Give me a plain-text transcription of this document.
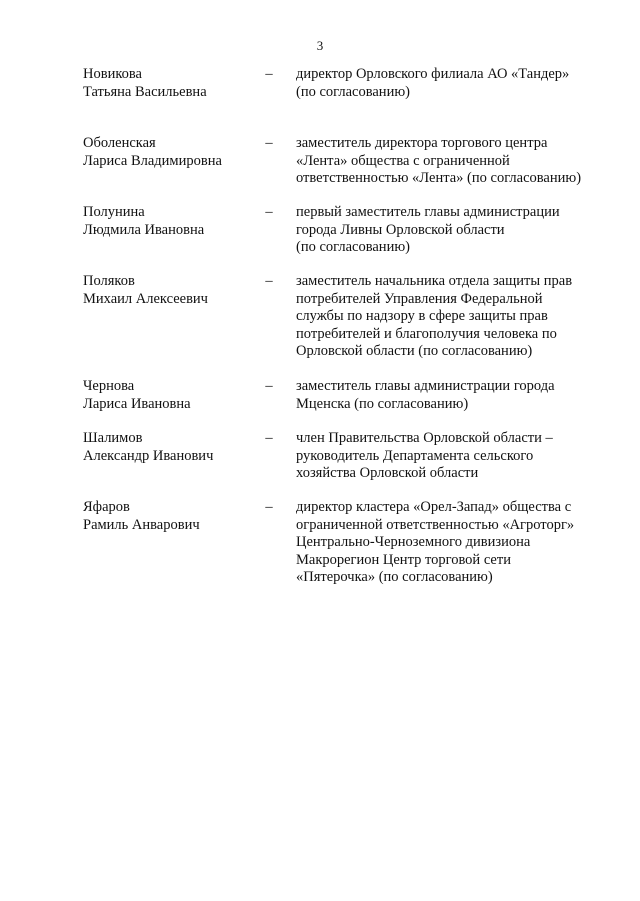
3
Новикова
Татьяна Васильевна
– директор Орловского филиала АО «Тандер»
(по согласованию)
Оболенская
Лариса Владимировна
– заместитель директора торгового центра
«Лента» общества с ограниченной
ответственностью «Лента» (по согласованию)
Полунина
Людмила Ивановна
– первый заместитель главы администрации
города Ливны Орловской области
(по согласованию)
Поляков
Михаил Алексеевич
– заместитель начальника отдела защиты прав
потребителей Управления Федеральной
службы по надзору в сфере защиты прав
потребителей и благополучия человека по
Орловской области (по согласованию)
Чернова
Лариса Ивановна
– заместитель главы администрации города
Мценска (по согласованию)
Шалимов
Александр Иванович
– член Правительства Орловской области –
руководитель Департамента сельского
хозяйства Орловской области
Яфаров
Рамиль Анварович
– директор кластера «Орел-Запад» общества с
ограниченной ответственностью «Агроторг»
Центрально-Черноземного дивизиона
Макрорегион Центр торговой сети
«Пятерочка» (по согласованию)
